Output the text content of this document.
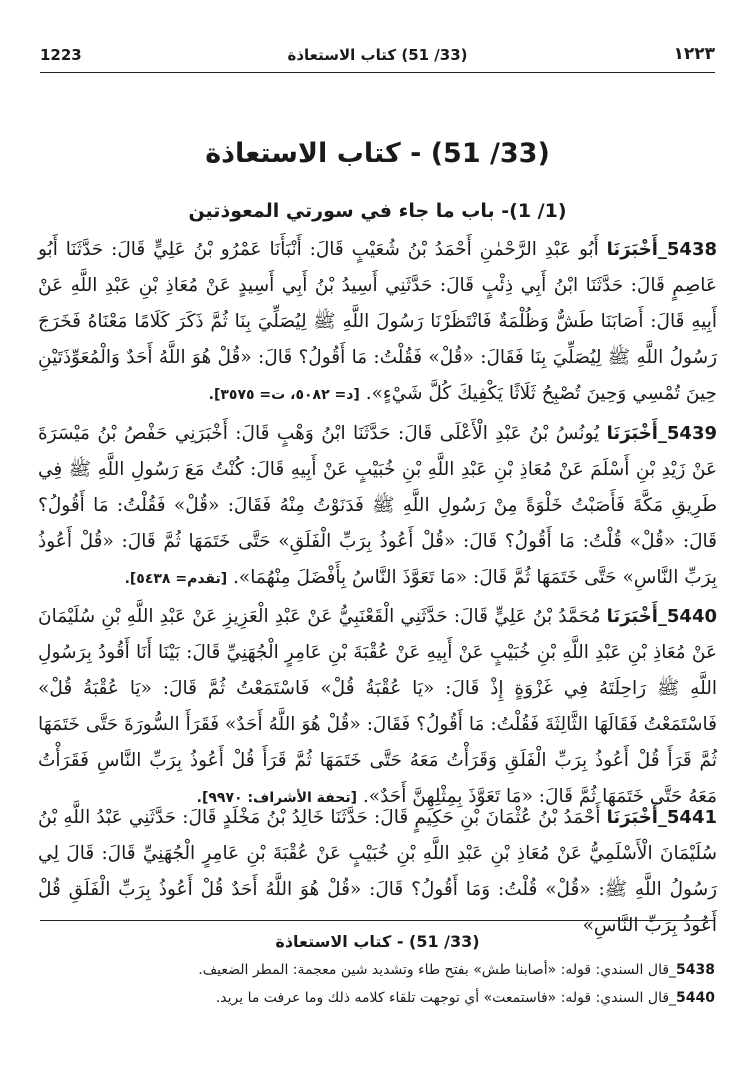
1223	(33/ 51) كتاب الاستعاذة	١٢٢٣
(33/ 51) - كتاب الاستعاذة
(1/ 1)- باب ما جاء في سورتي المعوذتين
5438_أَخْبَرَنَا أَبُو عَبْدِ الرَّحْمٰنِ أَحْمَدُ بْنُ شُعَيْبٍ قَالَ: أَنْبَأَنَا عَمْرُو بْنُ عَلِيٍّ قَالَ: حَدَّثَنَا أَبُو عَاصِمٍ قَالَ: حَدَّثَنَا ابْنُ أَبِي ذِئْبٍ قَالَ: حَدَّثَنِي أَسِيدُ بْنُ أَبِي أَسِيدٍ عَنْ مُعَاذِ بْنِ عَبْدِ اللَّهِ عَنْ أَبِيهِ قَالَ: أَصَابَنَا طَشٌّ وَظُلْمَةٌ فَانْتَظَرْنَا رَسُولَ اللَّهِ ﷺ لِيُصَلِّيَ بِنَا ثُمَّ ذَكَرَ كَلَامًا مَعْنَاهُ فَخَرَجَ رَسُولُ اللَّهِ ﷺ لِيُصَلِّيَ بِنَا فَقَالَ: «قُلْ» فَقُلْتُ: مَا أَقُولُ؟ قَالَ: «قُلْ هُوَ اللَّهُ أَحَدٌ وَالْمُعَوِّذَتَيْنِ حِينَ تُمْسِي وَحِينَ تُصْبِحُ ثَلَاثًا يَكْفِيكَ كُلَّ شَيْءٍ». [د= ٥٠٨٢، ت= ٣٥٧٥].
5439_أَخْبَرَنَا يُونُسُ بْنُ عَبْدِ الْأَعْلَى قَالَ: حَدَّثَنَا ابْنُ وَهْبٍ قَالَ: أَخْبَرَنِي حَفْصُ بْنُ مَيْسَرَةَ عَنْ زَيْدِ بْنِ أَسْلَمَ عَنْ مُعَاذِ بْنِ عَبْدِ اللَّهِ بْنِ خُبَيْبٍ عَنْ أَبِيهِ قَالَ: كُنْتُ مَعَ رَسُولِ اللَّهِ ﷺ فِي طَرِيقِ مَكَّةَ فَأَصَبْتُ خَلْوَةً مِنْ رَسُولِ اللَّهِ ﷺ فَدَنَوْتُ مِنْهُ فَقَالَ: «قُلْ» فَقُلْتُ: مَا أَقُولُ؟ قَالَ: «قُلْ» قُلْتُ: مَا أَقُولُ؟ قَالَ: «قُلْ أَعُوذُ بِرَبِّ الْفَلَقِ» حَتَّى خَتَمَهَا ثُمَّ قَالَ: «قُلْ أَعُوذُ بِرَبِّ النَّاسِ» حَتَّى خَتَمَهَا ثُمَّ قَالَ: «مَا تَعَوَّذَ النَّاسُ بِأَفْضَلَ مِنْهُمَا». [تقدم= ٥٤٣٨].
5440_أَخْبَرَنَا مُحَمَّدُ بْنُ عَلِيٍّ قَالَ: حَدَّثَنِي الْقَعْنَبِيُّ عَنْ عَبْدِ الْعَزِيزِ عَنْ عَبْدِ اللَّهِ بْنِ سُلَيْمَانَ عَنْ مُعَاذِ بْنِ عَبْدِ اللَّهِ بْنِ خُبَيْبٍ عَنْ أَبِيهِ عَنْ عُقْبَةَ بْنِ عَامِرٍ الْجُهَنِيِّ قَالَ: بَيْنَا أَنَا أَقُودُ بِرَسُولِ اللَّهِ ﷺ رَاحِلَتَهُ فِي غَزْوَةٍ إِذْ قَالَ: «يَا عُقْبَةُ قُلْ» فَاسْتَمَعْتُ ثُمَّ قَالَ: «يَا عُقْبَةُ قُلْ» فَاسْتَمَعْتُ فَقَالَهَا الثَّالِثَةَ فَقُلْتُ: مَا أَقُولُ؟ فَقَالَ: «قُلْ هُوَ اللَّهُ أَحَدٌ» فَقَرَأَ السُّورَةَ حَتَّى خَتَمَهَا ثُمَّ قَرَأَ قُلْ أَعُوذُ بِرَبِّ الْفَلَقِ وَقَرَأْتُ مَعَهُ حَتَّى خَتَمَهَا ثُمَّ قَرَأَ قُلْ أَعُوذُ بِرَبِّ النَّاسِ فَقَرَأْتُ مَعَهُ حَتَّى خَتَمَهَا ثُمَّ قَالَ: «مَا تَعَوَّذَ بِمِثْلِهِنَّ أَحَدٌ». [تحفة الأشراف: ٩٩٧٠].
5441_أَخْبَرَنَا أَحْمَدُ بْنُ عُثْمَانَ بْنِ حَكِيمٍ قَالَ: حَدَّثَنَا خَالِدُ بْنُ مَخْلَدٍ قَالَ: حَدَّثَنِي عَبْدُ اللَّهِ بْنُ سُلَيْمَانَ الْأَسْلَمِيُّ عَنْ مُعَاذِ بْنِ عَبْدِ اللَّهِ بْنِ خُبَيْبٍ عَنْ عُقْبَةَ بْنِ عَامِرٍ الْجُهَنِيِّ قَالَ: قَالَ لِي رَسُولُ اللَّهِ ﷺ: «قُلْ» قُلْتُ: وَمَا أَقُولُ؟ قَالَ: «قُلْ هُوَ اللَّهُ أَحَدٌ قُلْ أَعُوذُ بِرَبِّ الْفَلَقِ قُلْ أَعُوذُ بِرَبِّ النَّاسِ»
(33/ 51) - كتاب الاستعاذة
5438_قال السندي: قوله: «أصابنا طش» بفتح طاء وتشديد شين معجمة: المطر الضعيف.
5440_قال السندي: قوله: «فاستمعت» أي توجهت تلقاء كلامه ذلك وما عرفت ما يريد.
